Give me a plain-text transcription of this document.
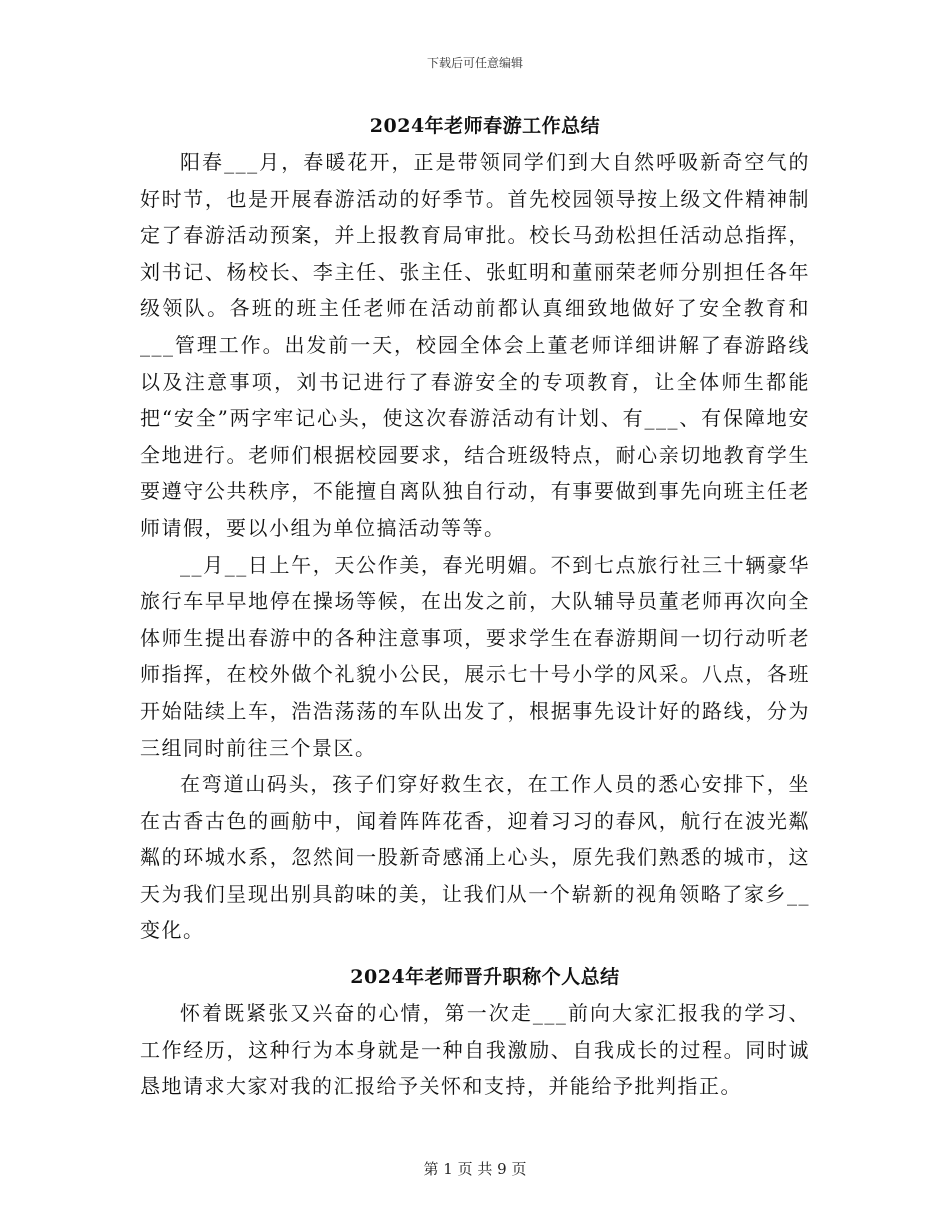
下载后可任意编辑
2024年老师春游工作总结

阳春___月，春暖花开，正是带领同学们到大自然呼吸新奇空气的好时节，也是开展春游活动的好季节。首先校园领导按上级文件精神制定了春游活动预案，并上报教育局审批。校长马劲松担任活动总指挥，刘书记、杨校长、李主任、张主任、张虹明和董丽荣老师分别担任各年级领队。各班的班主任老师在活动前都认真细致地做好了安全教育和___管理工作。出发前一天，校园全体会上董老师详细讲解了春游路线以及注意事项，刘书记进行了春游安全的专项教育，让全体师生都能把“安全”两字牢记心头，使这次春游活动有计划、有___、有保障地安全地进行。老师们根据校园要求，结合班级特点，耐心亲切地教育学生要遵守公共秩序，不能擅自离队独自行动，有事要做到事先向班主任老师请假，要以小组为单位搞活动等等。

__月__日上午，天公作美，春光明媚。不到七点旅行社三十辆豪华旅行车早早地停在操场等候，在出发之前，大队辅导员董老师再次向全体师生提出春游中的各种注意事项，要求学生在春游期间一切行动听老师指挥，在校外做个礼貌小公民，展示七十号小学的风采。八点，各班开始陆续上车，浩浩荡荡的车队出发了，根据事先设计好的路线，分为三组同时前往三个景区。

在弯道山码头，孩子们穿好救生衣，在工作人员的悉心安排下，坐在古香古色的画舫中，闻着阵阵花香，迎着习习的春风，航行在波光粼粼的环城水系，忽然间一股新奇感涌上心头，原先我们熟悉的城市，这天为我们呈现出别具韵味的美，让我们从一个崭新的视角领略了家乡__变化。

2024年老师晋升职称个人总结

怀着既紧张又兴奋的心情，第一次走___前向大家汇报我的学习、工作经历，这种行为本身就是一种自我激励、自我成长的过程。同时诚恳地请求大家对我的汇报给予关怀和支持，并能给予批判指正。

第 1 页 共 9 页
